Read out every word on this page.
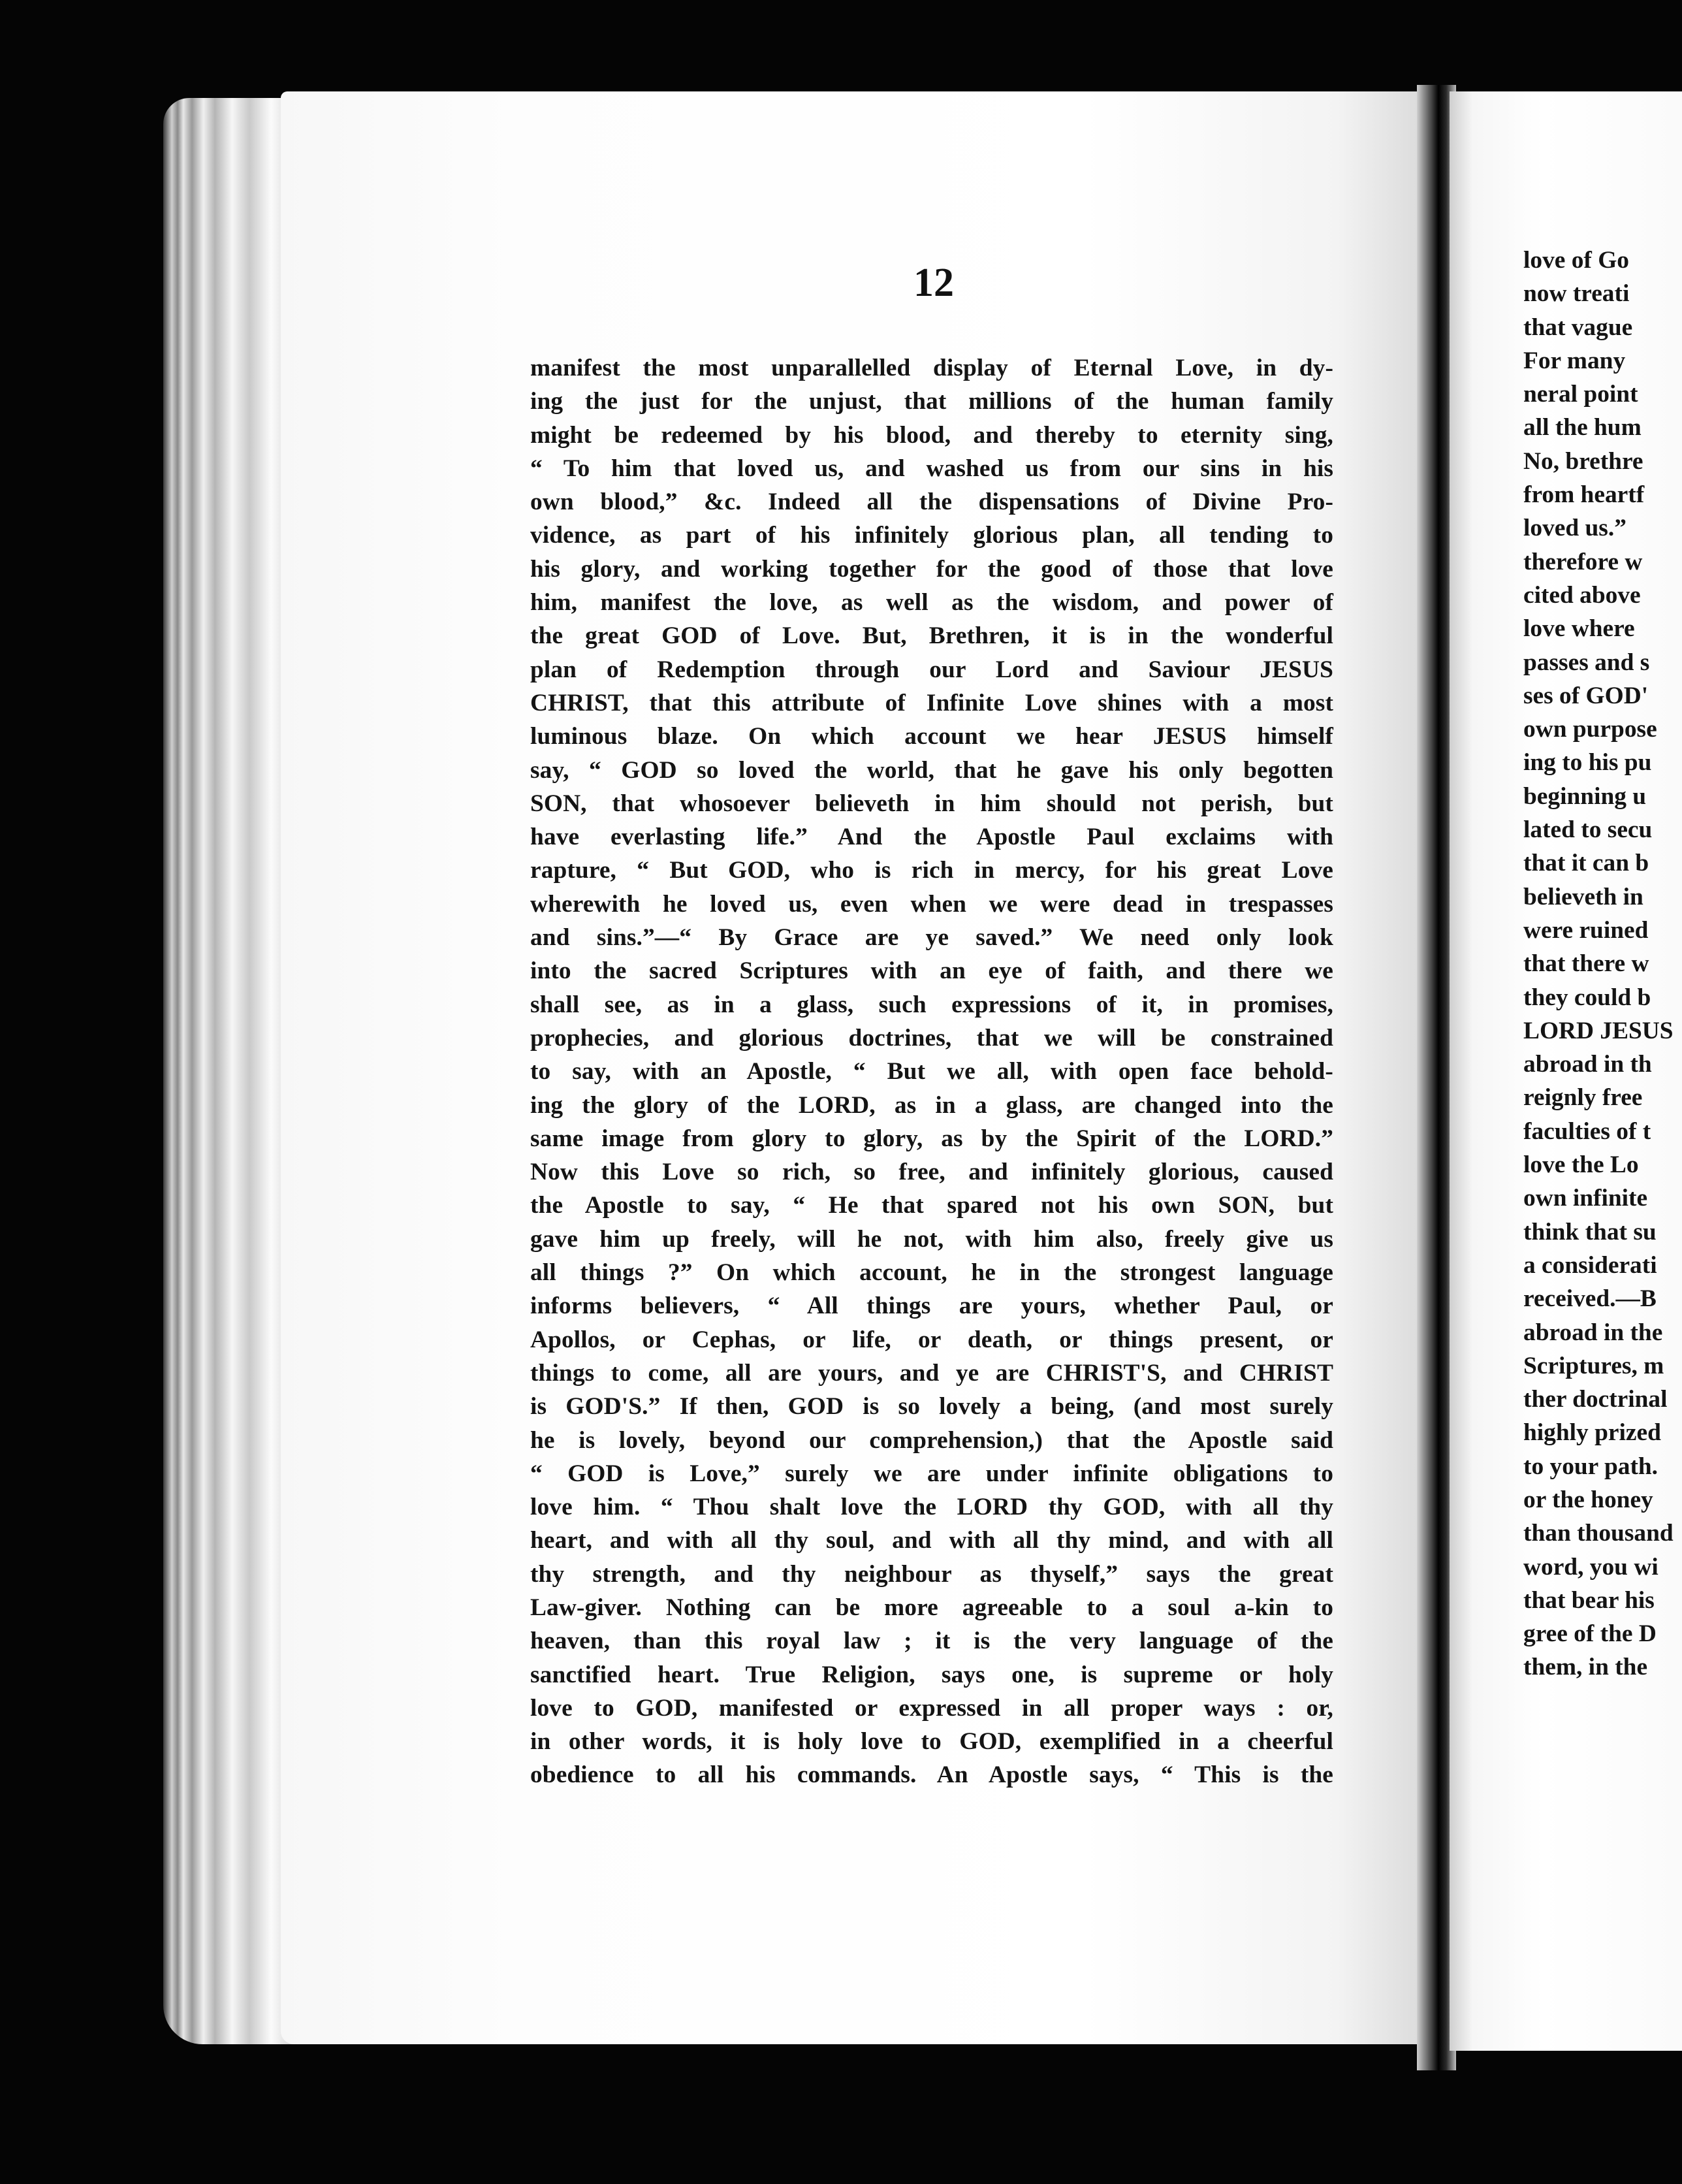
12
manifest the most unparallelled display of Eternal Love, in dy-
ing the just for the unjust, that millions of the human family
might be redeemed by his blood, and thereby to eternity sing,
“ To him that loved us, and washed us from our sins in his
own blood,” &c. Indeed all the dispensations of Divine Pro-
vidence, as part of his infinitely glorious plan, all tending to
his glory, and working together for the good of those that love
him, manifest the love, as well as the wisdom, and power of
the great GOD of Love. But, Brethren, it is in the wonderful
plan of Redemption through our Lord and Saviour JESUS
CHRIST, that this attribute of Infinite Love shines with a most
luminous blaze. On which account we hear JESUS himself
say, “ GOD so loved the world, that he gave his only begotten
SON, that whosoever believeth in him should not perish, but
have everlasting life.” And the Apostle Paul exclaims with
rapture, “ But GOD, who is rich in mercy, for his great Love
wherewith he loved us, even when we were dead in trespasses
and sins.”—“ By Grace are ye saved.” We need only look
into the sacred Scriptures with an eye of faith, and there we
shall see, as in a glass, such expressions of it, in promises,
prophecies, and glorious doctrines, that we will be constrained
to say, with an Apostle, “ But we all, with open face behold-
ing the glory of the LORD, as in a glass, are changed into the
same image from glory to glory, as by the Spirit of the LORD.”
Now this Love so rich, so free, and infinitely glorious, caused
the Apostle to say, “ He that spared not his own SON, but
gave him up freely, will he not, with him also, freely give us
all things ?” On which account, he in the strongest language
informs believers, “ All things are yours, whether Paul, or
Apollos, or Cephas, or life, or death, or things present, or
things to come, all are yours, and ye are CHRIST'S, and CHRIST
is GOD'S.” If then, GOD is so lovely a being, (and most surely
he is lovely, beyond our comprehension,) that the Apostle said
“ GOD is Love,” surely we are under infinite obligations to
love him. “ Thou shalt love the LORD thy GOD, with all thy
heart, and with all thy soul, and with all thy mind, and with all
thy strength, and thy neighbour as thyself,” says the great
Law-giver. Nothing can be more agreeable to a soul a-kin to
heaven, than this royal law ; it is the very language of the
sanctified heart. True Religion, says one, is supreme or holy
love to GOD, manifested or expressed in all proper ways : or,
in other words, it is holy love to GOD, exemplified in a cheerful
obedience to all his commands. An Apostle says, “ This is the
love of Go
now treati
that vague
For many
neral point
all the hum
No, brethre
from heartf
loved us.”
therefore w
cited above
love where
passes and s
ses of GOD'
own purpose
ing to his pu
beginning u
lated to secu
that it can b
believeth in
were ruined
that there w
they could b
LORD JESUS
abroad in th
reignly free
faculties of t
love the Lo
own infinite
think that su
a considerati
received.—B
abroad in the
Scriptures, m
ther doctrinal
highly prized
to your path.
or the honey
than thousand
word, you wi
that bear his
gree of the D
them, in the
